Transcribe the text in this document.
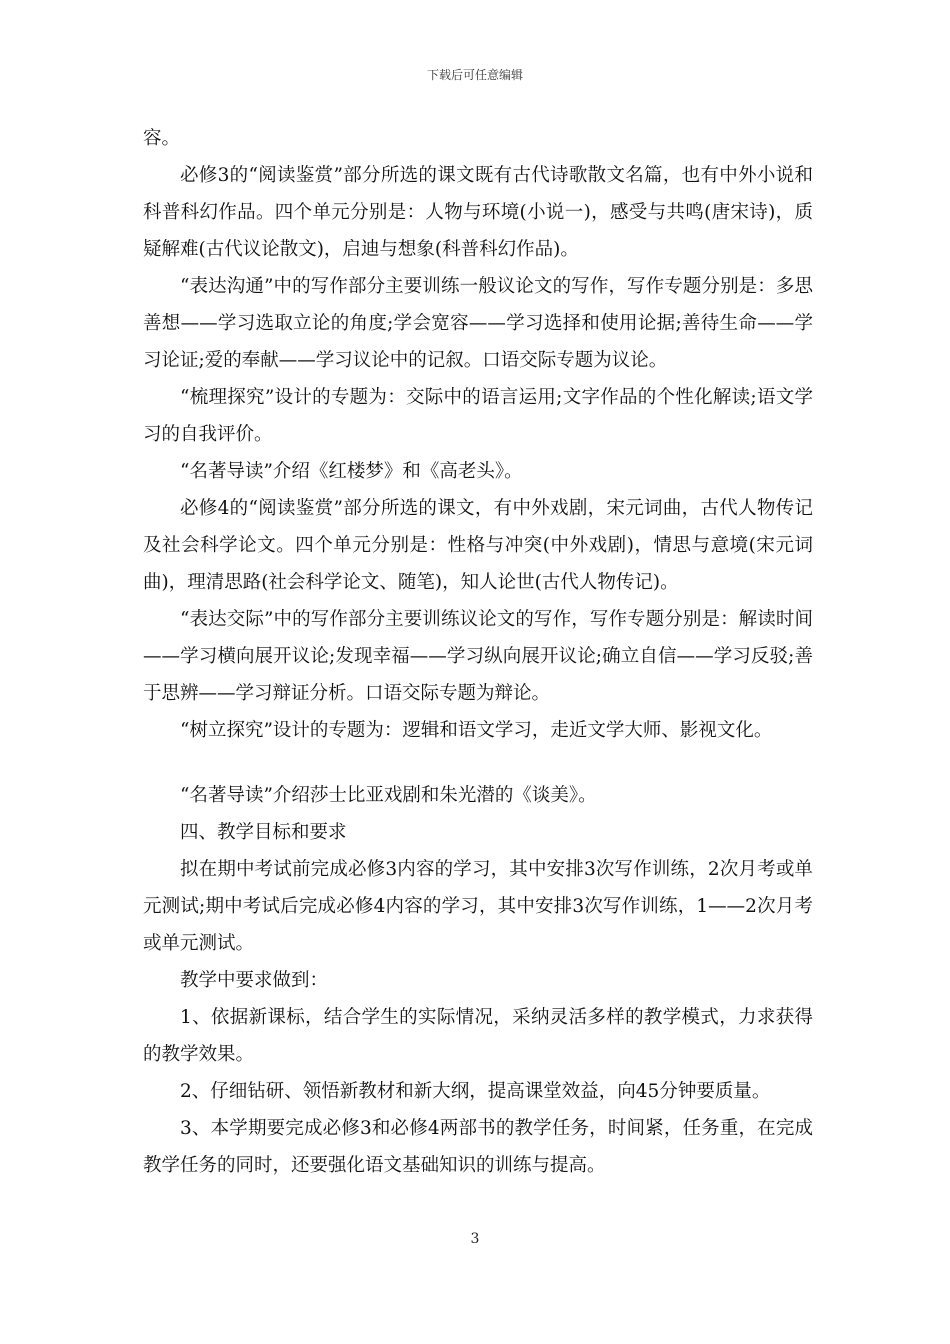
下载后可任意编辑

容。

必修3的“阅读鉴赏”部分所选的课文既有古代诗歌散文名篇，也有中外小说和科普科幻作品。四个单元分别是：人物与环境(小说一)，感受与共鸣(唐宋诗)，质疑解难(古代议论散文)，启迪与想象(科普科幻作品)。

“表达沟通”中的写作部分主要训练一般议论文的写作，写作专题分别是：多思善想——学习选取立论的角度;学会宽容——学习选择和使用论据;善待生命——学习论证;爱的奉献——学习议论中的记叙。口语交际专题为议论。

“梳理探究”设计的专题为：交际中的语言运用;文字作品的个性化解读;语文学习的自我评价。

“名著导读”介绍《红楼梦》和《高老头》。

必修4的“阅读鉴赏”部分所选的课文，有中外戏剧，宋元词曲，古代人物传记及社会科学论文。四个单元分别是：性格与冲突(中外戏剧)，情思与意境(宋元词曲)，理清思路(社会科学论文、随笔)，知人论世(古代人物传记)。

“表达交际”中的写作部分主要训练议论文的写作，写作专题分别是：解读时间——学习横向展开议论;发现幸福——学习纵向展开议论;确立自信——学习反驳;善于思辨——学习辩证分析。口语交际专题为辩论。

“树立探究”设计的专题为：逻辑和语文学习，走近文学大师、影视文化。

“名著导读”介绍莎士比亚戏剧和朱光潜的《谈美》。

四、教学目标和要求

拟在期中考试前完成必修3内容的学习，其中安排3次写作训练，2次月考或单元测试;期中考试后完成必修4内容的学习，其中安排3次写作训练，1——2次月考或单元测试。

教学中要求做到：

1、依据新课标，结合学生的实际情况，采纳灵活多样的教学模式，力求获得的教学效果。

2、仔细钻研、领悟新教材和新大纲，提高课堂效益，向45分钟要质量。

3、本学期要完成必修3和必修4两部书的教学任务，时间紧，任务重，在完成教学任务的同时，还要强化语文基础知识的训练与提高。

3
